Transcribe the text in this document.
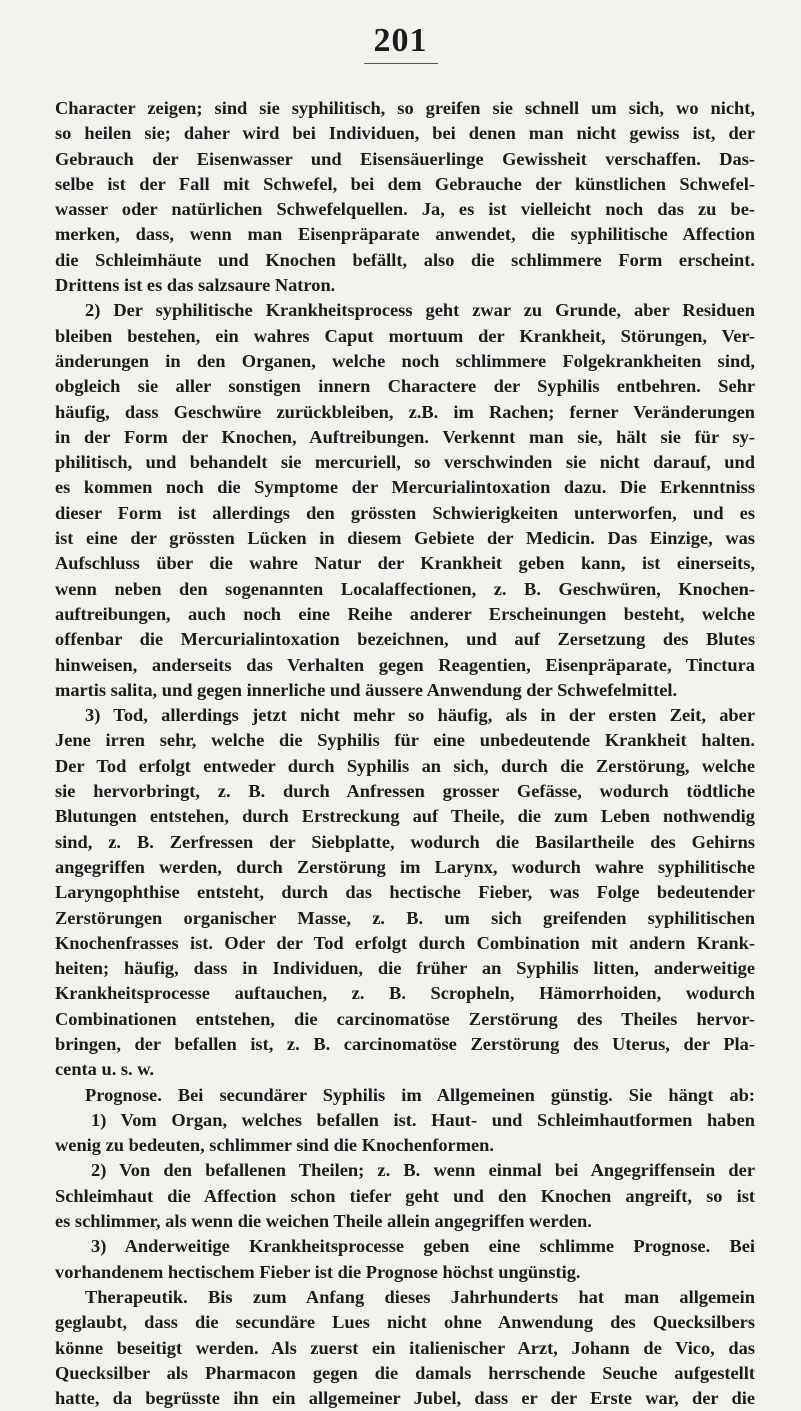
201
Character zeigen; sind sie syphilitisch, so greifen sie schnell um sich, wo nicht,
so heilen sie; daher wird bei Individuen, bei denen man nicht gewiss ist, der
Gebrauch der Eisenwasser und Eisensäuerlinge Gewissheit verschaffen. Das-
selbe ist der Fall mit Schwefel, bei dem Gebrauche der künstlichen Schwefel-
wasser oder natürlichen Schwefelquellen. Ja, es ist vielleicht noch das zu be-
merken, dass, wenn man Eisenpräparate anwendet, die syphilitische Affection
die Schleimhäute und Knochen befällt, also die schlimmere Form erscheint.
Drittens ist es das salzsaure Natron.
2) Der syphilitische Krankheitsprocess geht zwar zu Grunde, aber Residuen
bleiben bestehen, ein wahres Caput mortuum der Krankheit, Störungen, Ver-
änderungen in den Organen, welche noch schlimmere Folgekrankheiten sind,
obgleich sie aller sonstigen innern Charactere der Syphilis entbehren. Sehr
häufig, dass Geschwüre zurückbleiben, z.B. im Rachen; ferner Veränderungen
in der Form der Knochen, Auftreibungen. Verkennt man sie, hält sie für sy-
philitisch, und behandelt sie mercuriell, so verschwinden sie nicht darauf, und
es kommen noch die Symptome der Mercurialintoxation dazu. Die Erkenntniss
dieser Form ist allerdings den grössten Schwierigkeiten unterworfen, und es
ist eine der grössten Lücken in diesem Gebiete der Medicin. Das Einzige, was
Aufschluss über die wahre Natur der Krankheit geben kann, ist einerseits,
wenn neben den sogenannten Localaffectionen, z. B. Geschwüren, Knochen-
auftreibungen, auch noch eine Reihe anderer Erscheinungen besteht, welche
offenbar die Mercurialintoxation bezeichnen, und auf Zersetzung des Blutes
hinweisen, anderseits das Verhalten gegen Reagentien, Eisenpräparate, Tinctura
martis salita, und gegen innerliche und äussere Anwendung der Schwefelmittel.
3) Tod, allerdings jetzt nicht mehr so häufig, als in der ersten Zeit, aber
Jene irren sehr, welche die Syphilis für eine unbedeutende Krankheit halten.
Der Tod erfolgt entweder durch Syphilis an sich, durch die Zerstörung, welche
sie hervorbringt, z. B. durch Anfressen grosser Gefässe, wodurch tödtliche
Blutungen entstehen, durch Erstreckung auf Theile, die zum Leben nothwendig
sind, z. B. Zerfressen der Siebplatte, wodurch die Basilartheile des Gehirns
angegriffen werden, durch Zerstörung im Larynx, wodurch wahre syphilitische
Laryngophthise entsteht, durch das hectische Fieber, was Folge bedeutender
Zerstörungen organischer Masse, z. B. um sich greifenden syphilitischen
Knochenfrasses ist. Oder der Tod erfolgt durch Combination mit andern Krank-
heiten; häufig, dass in Individuen, die früher an Syphilis litten, anderweitige
Krankheitsprocesse auftauchen, z. B. Scropheln, Hämorrhoiden, wodurch
Combinationen entstehen, die carcinomatöse Zerstörung des Theiles hervor-
bringen, der befallen ist, z. B. carcinomatöse Zerstörung des Uterus, der Pla-
centa u. s. w.
Prognose. Bei secundärer Syphilis im Allgemeinen günstig. Sie hängt ab:
1) Vom Organ, welches befallen ist. Haut- und Schleimhautformen haben
wenig zu bedeuten, schlimmer sind die Knochenformen.
2) Von den befallenen Theilen; z. B. wenn einmal bei Angegriffensein der
Schleimhaut die Affection schon tiefer geht und den Knochen angreift, so ist
es schlimmer, als wenn die weichen Theile allein angegriffen werden.
3) Anderweitige Krankheitsprocesse geben eine schlimme Prognose. Bei
vorhandenem hectischem Fieber ist die Prognose höchst ungünstig.
Therapeutik. Bis zum Anfang dieses Jahrhunderts hat man allgemein
geglaubt, dass die secundäre Lues nicht ohne Anwendung des Quecksilbers
könne beseitigt werden. Als zuerst ein italienischer Arzt, Johann de Vico, das
Quecksilber als Pharmacon gegen die damals herrschende Seuche aufgestellt
hatte, da begrüsste ihn ein allgemeiner Jubel, dass er der Erste war, der die
